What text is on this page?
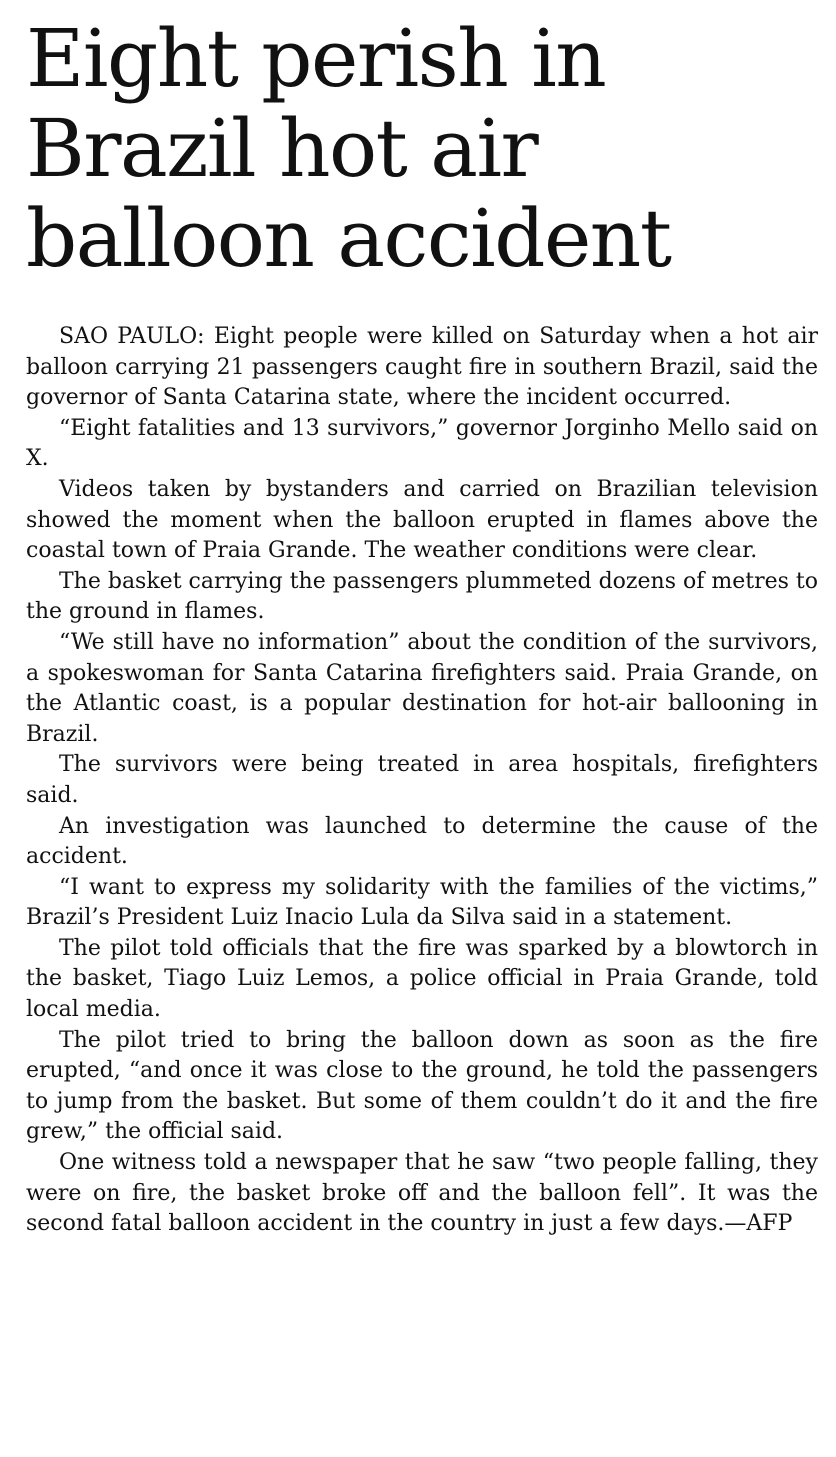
Eight perish in Brazil hot air balloon accident

SAO PAULO: Eight people were killed on Saturday when a hot air balloon carrying 21 passengers caught fire in southern Brazil, said the governor of Santa Catarina state, where the incident occurred.

“Eight fatalities and 13 survivors,” governor Jorginho Mello said on X.

Videos taken by bystanders and carried on Brazilian television showed the moment when the balloon erupted in flames above the coastal town of Praia Grande. The weather conditions were clear.

The basket carrying the passengers plummeted dozens of metres to the ground in flames.

“We still have no information” about the condition of the survivors, a spokeswoman for Santa Catarina firefighters said. Praia Grande, on the Atlantic coast, is a popular destination for hot-air ballooning in Brazil.

The survivors were being treated in area hospitals, firefighters said.

An investigation was launched to determine the cause of the accident.

“I want to express my solidarity with the families of the victims,” Brazil’s President Luiz Inacio Lula da Silva said in a statement.

The pilot told officials that the fire was sparked by a blowtorch in the basket, Tiago Luiz Lemos, a police official in Praia Grande, told local media.

The pilot tried to bring the balloon down as soon as the fire erupted, “and once it was close to the ground, he told the passengers to jump from the basket. But some of them couldn’t do it and the fire grew,” the official said.

One witness told a newspaper that he saw “two people falling, they were on fire, the basket broke off and the balloon fell”. It was the second fatal balloon accident in the country in just a few days.—AFP
